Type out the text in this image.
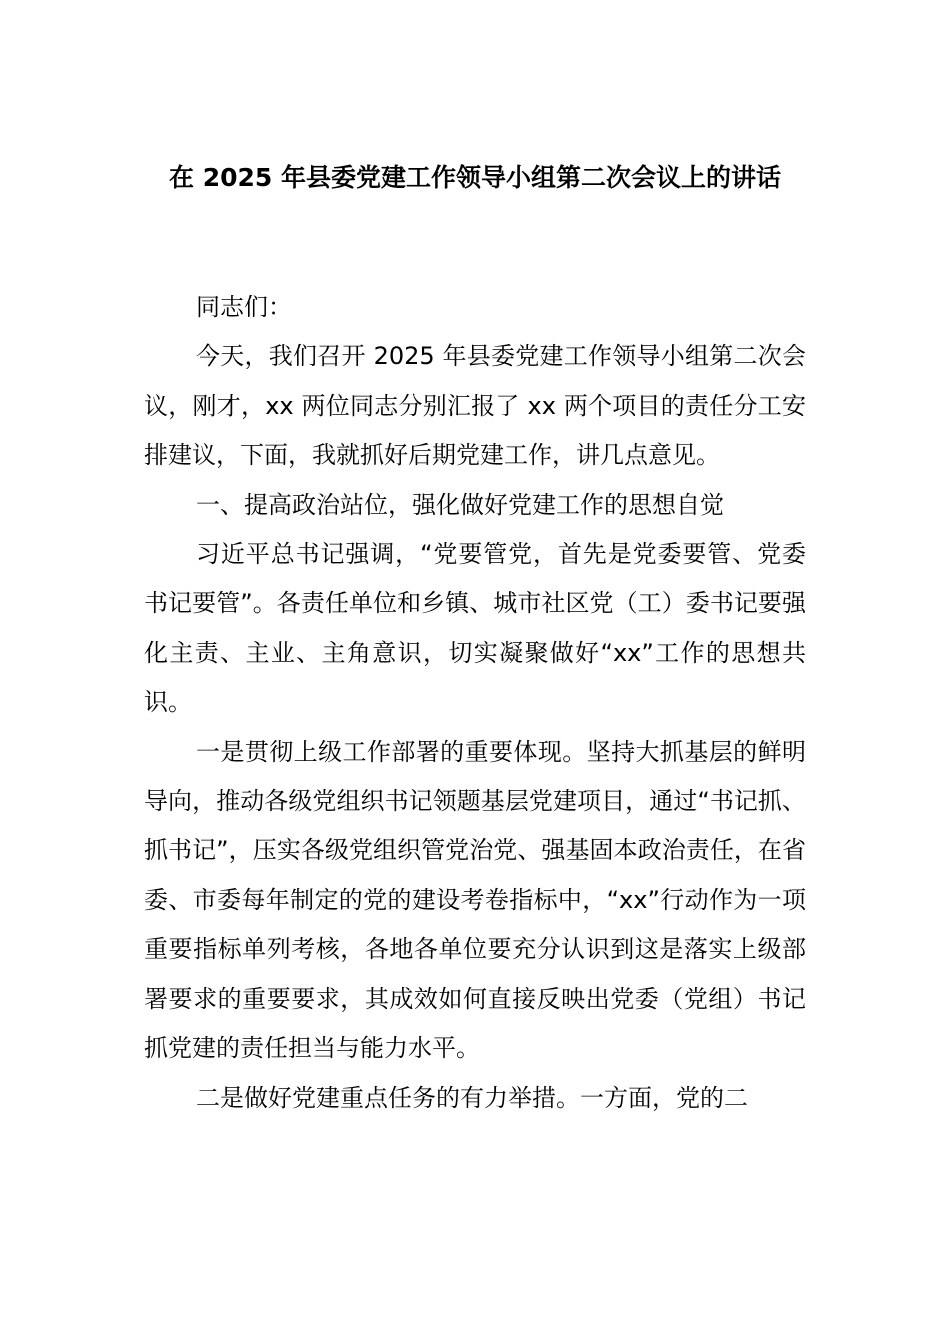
在 2025 年县委党建工作领导小组第二次会议上的讲话

同志们：

今天，我们召开 2025 年县委党建工作领导小组第二次会议，刚才，xx 两位同志分别汇报了 xx 两个项目的责任分工安排建议，下面，我就抓好后期党建工作，讲几点意见。

一、提高政治站位，强化做好党建工作的思想自觉

习近平总书记强调，“党要管党，首先是党委要管、党委书记要管”。各责任单位和乡镇、城市社区党（工）委书记要强化主责、主业、主角意识，切实凝聚做好“xx”工作的思想共识。

一是贯彻上级工作部署的重要体现。坚持大抓基层的鲜明导向，推动各级党组织书记领题基层党建项目，通过“书记抓、抓书记”，压实各级党组织管党治党、强基固本政治责任，在省委、市委每年制定的党的建设考卷指标中，“xx”行动作为一项重要指标单列考核，各地各单位要充分认识到这是落实上级部署要求的重要要求，其成效如何直接反映出党委（党组）书记抓党建的责任担当与能力水平。

二是做好党建重点任务的有力举措。一方面，党的二
